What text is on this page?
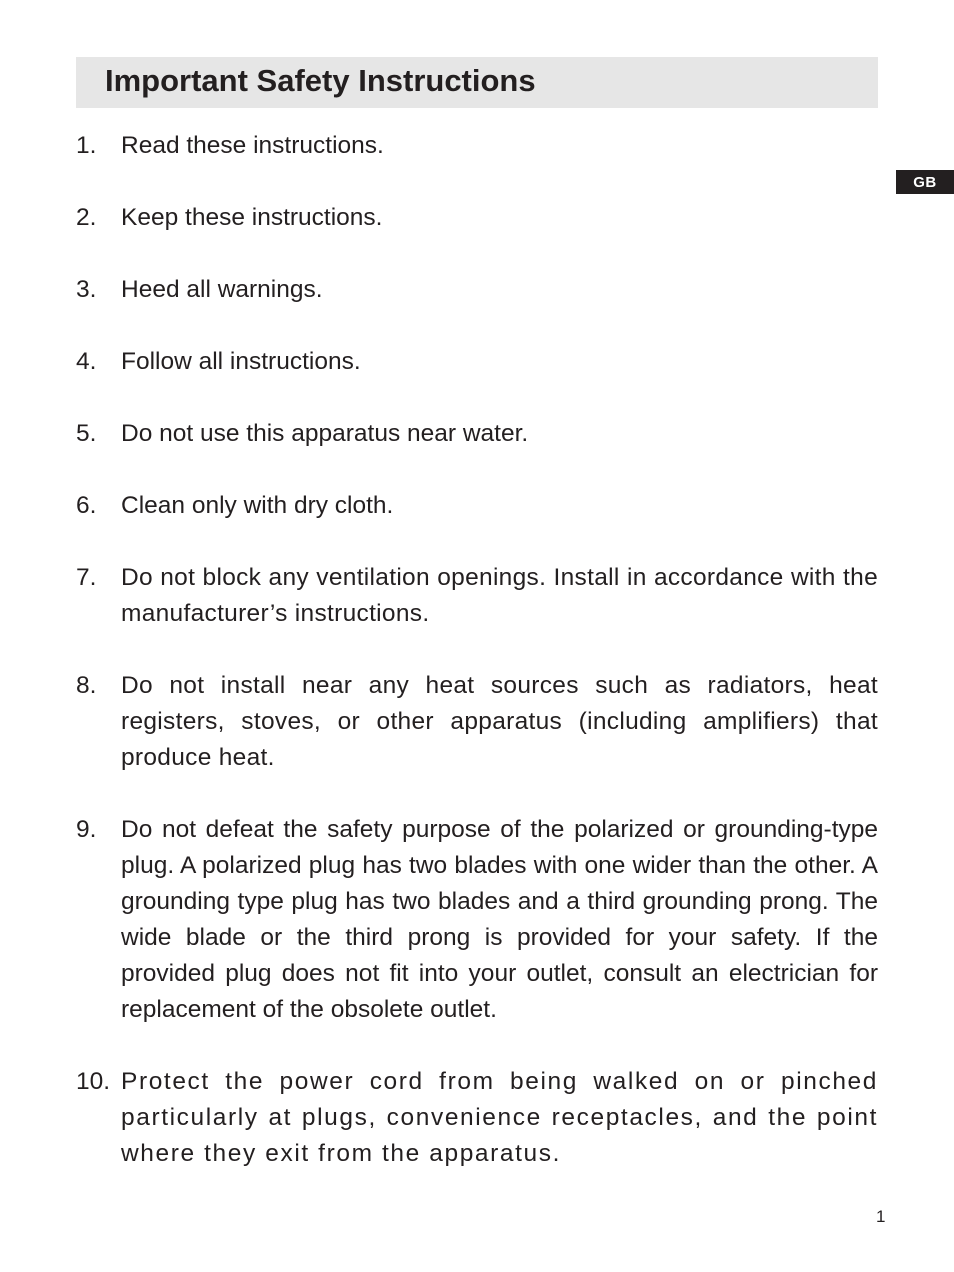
Important Safety Instructions
GB
1. Read these instructions.
2. Keep these instructions.
3. Heed all warnings.
4. Follow all instructions.
5. Do not use this apparatus near water.
6. Clean only with dry cloth.
7. Do not block any ventilation openings. Install in accordance with the manufacturer’s instructions.
8. Do not install near any heat sources such as radiators, heat registers, stoves, or other apparatus (including amplifiers) that produce heat.
9. Do not defeat the safety purpose of the polarized or grounding-type plug. A polarized plug has two blades with one wider than the other. A grounding type plug has two blades and a third grounding prong. The wide blade or the third prong is provided for your safety. If the provided plug does not fit into your outlet, consult an electrician for replacement of the obsolete outlet.
10. Protect the power cord from being walked on or pinched particularly at plugs, convenience receptacles, and the point where they exit from the apparatus.
1
